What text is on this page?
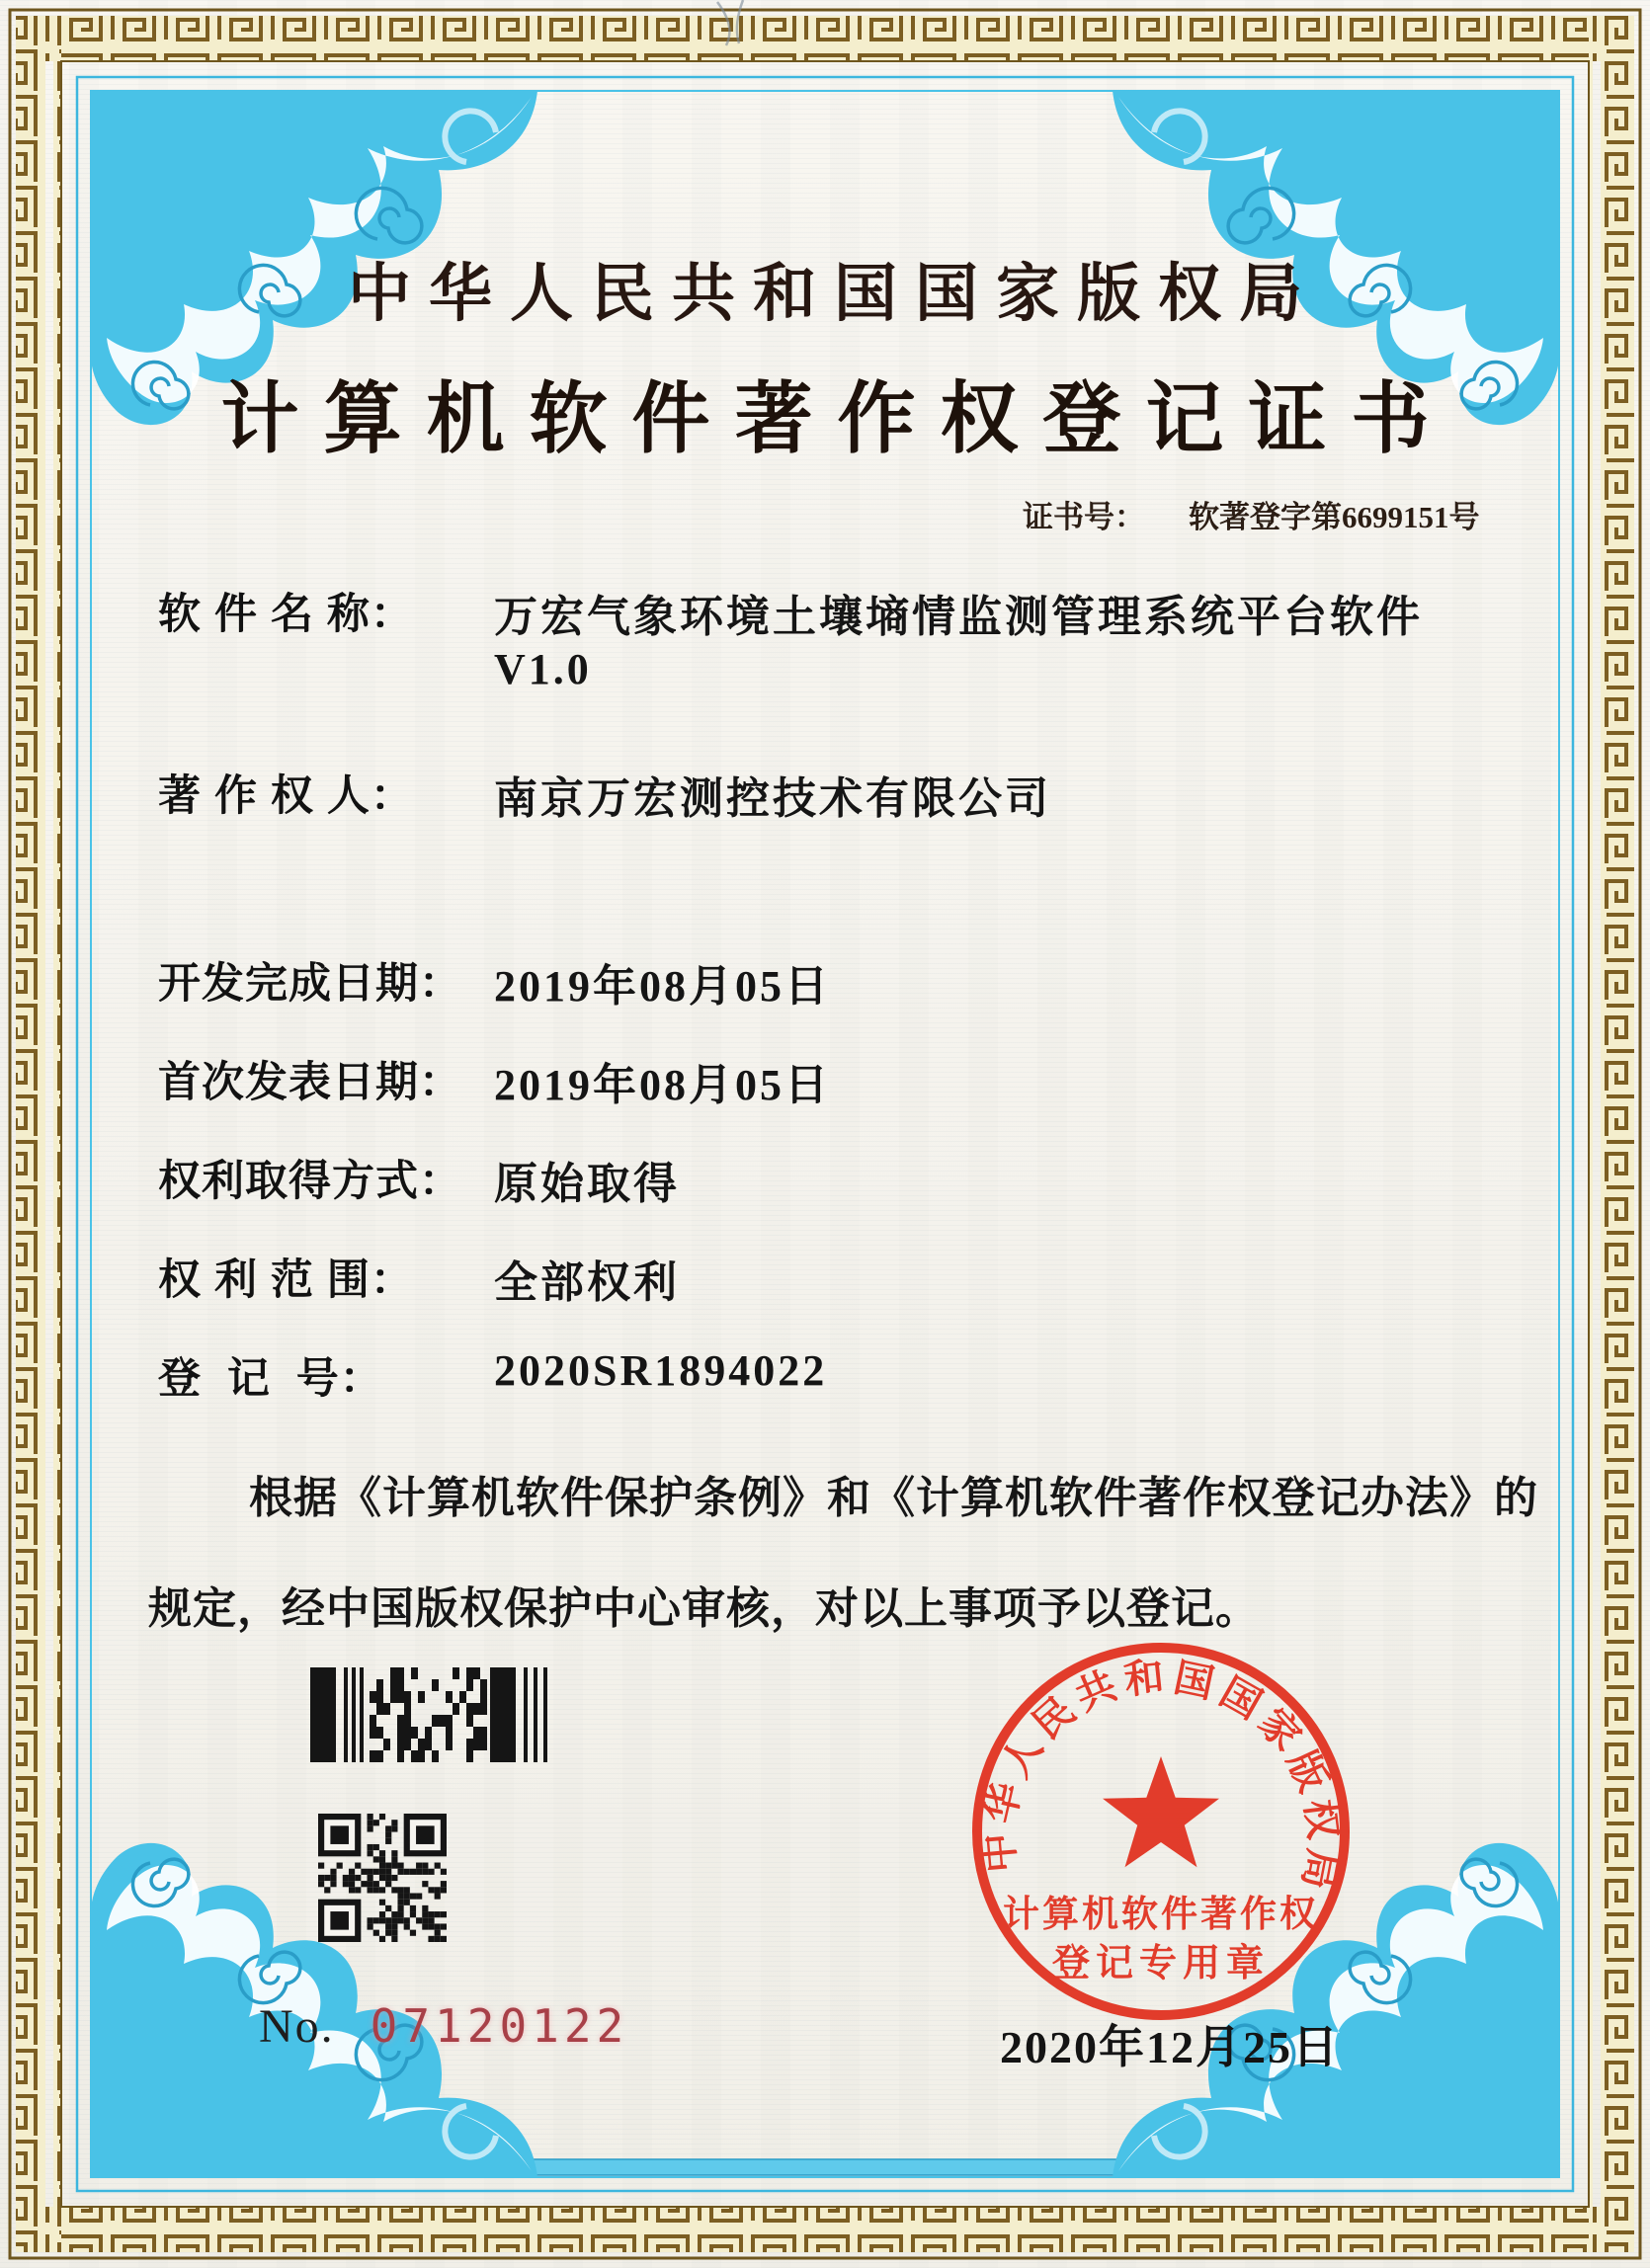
中华人民共和国国家版权局
计算机软件著作权登记证书
证书号： 软著登字第6699151号
软 件 名 称： 万宏气象环境土壤墒情监测管理系统平台软件
V1.0
著 作 权 人： 南京万宏测控技术有限公司
开发完成日期： 2019年08月05日
首次发表日期： 2019年08月05日
权利取得方式： 原始取得
权 利 范 围： 全部权利
登  记  号：	2020SR1894022
根据《计算机软件保护条例》和《计算机软件著作权登记办法》的
规定，经中国版权保护中心审核，对以上事项予以登记。
No. 07120122	2020年12月25日
中华人民共和国国家版权局
计算机软件著作权
登记专用章
